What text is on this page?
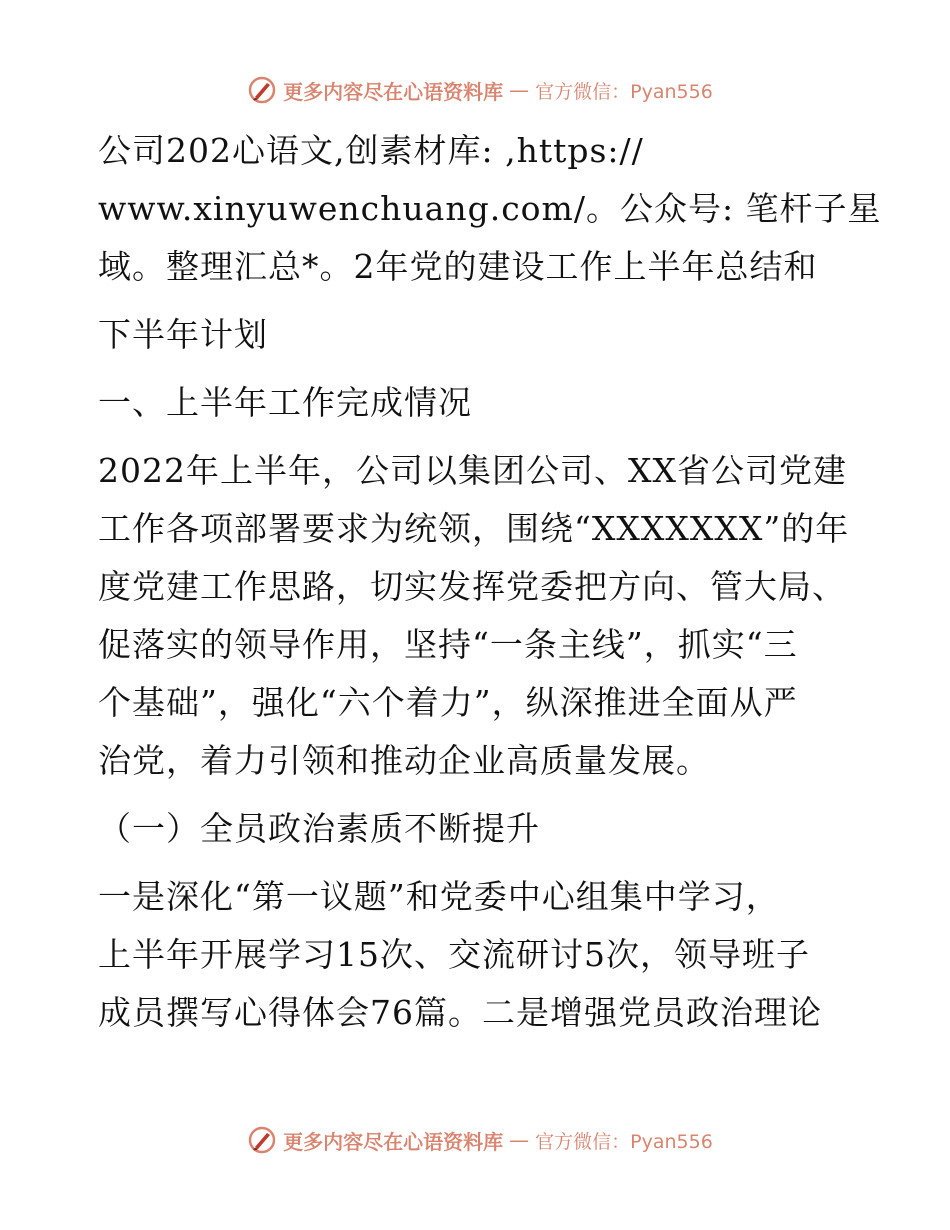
更多内容尽在心语资料库 — 官方微信：Pyan556
公司202心语文,创素材库: ,https://
www.xinyuwenchuang.com/。公众号: 笔杆子星
域。整理汇总*。2年党的建设工作上半年总结和
下半年计划
一、上半年工作完成情况
2022年上半年，公司以集团公司、XX省公司党建
工作各项部署要求为统领，围绕“XXXXXXX”的年
度党建工作思路，切实发挥党委把方向、管大局、
促落实的领导作用，坚持“一条主线”，抓实“三
个基础”，强化“六个着力”，纵深推进全面从严
治党，着力引领和推动企业高质量发展。
（一）全员政治素质不断提升
一是深化“第一议题”和党委中心组集中学习，
上半年开展学习15次、交流研讨5次，领导班子
成员撰写心得体会76篇。二是增强党员政治理论
更多内容尽在心语资料库 — 官方微信：Pyan556
